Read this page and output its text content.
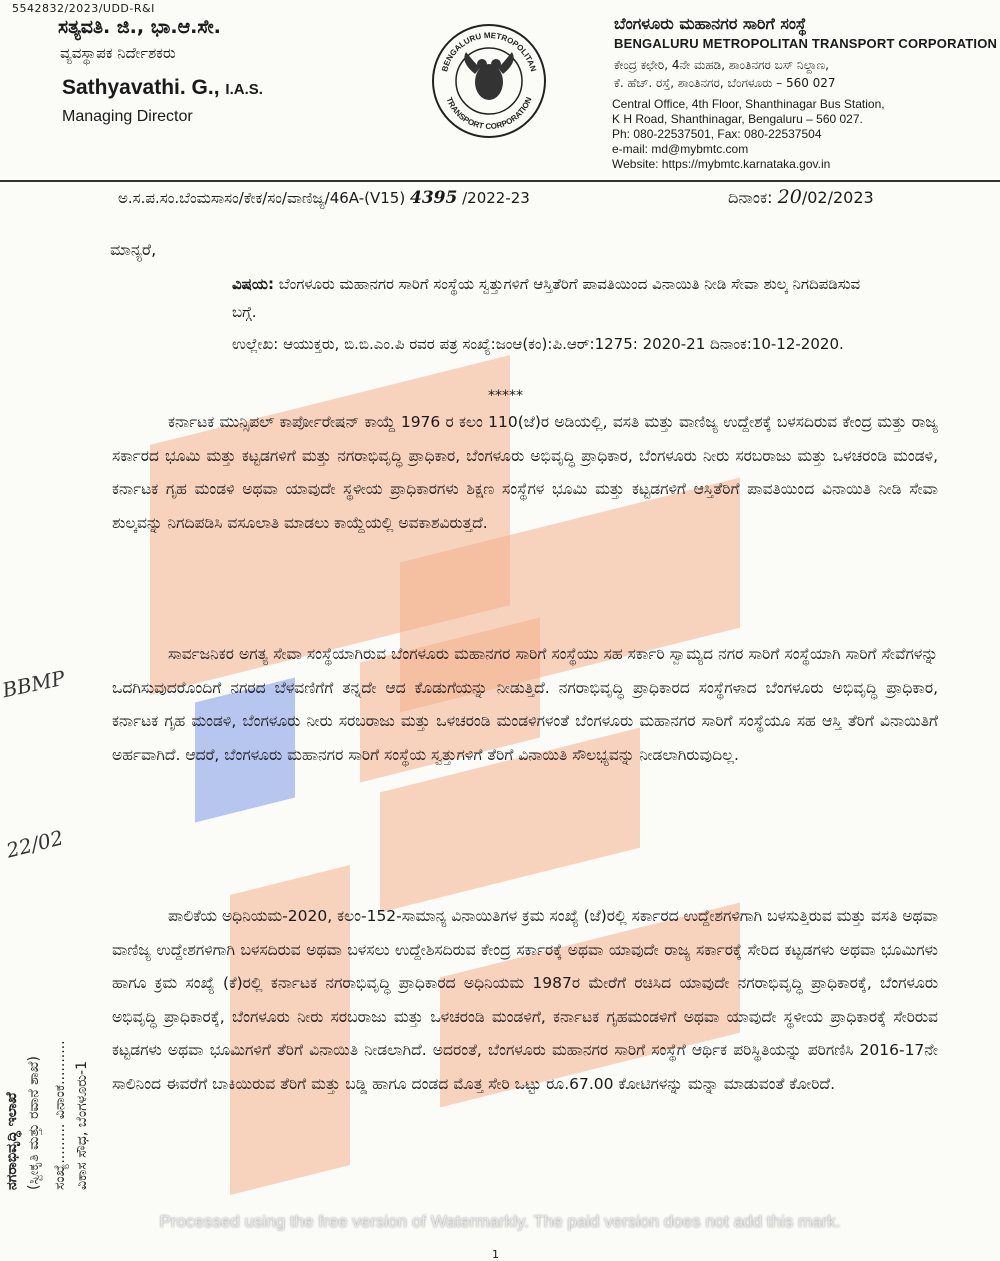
5542832/2023/UDD-R&I
ಸತ್ಯವತಿ. ಜಿ., ಭಾ.ಆ.ಸೇ.
ವ್ಯವಸ್ಥಾಪಕ ನಿರ್ದೇಶಕರು
Sathyavathi. G., I.A.S.
Managing Director
BENGALURU METROPOLITAN
TRANSPORT CORPORATION
ಬೆಂಗಳೂರು ಮಹಾನಗರ ಸಾರಿಗೆ ಸಂಸ್ಥೆ
BENGALURU METROPOLITAN TRANSPORT CORPORATION
ಕೇಂದ್ರ ಕಛೇರಿ, 4ನೇ ಮಹಡಿ, ಶಾಂತಿನಗರ ಬಸ್ ನಿಲ್ದಾಣ,
ಕೆ. ಹೆಚ್. ರಸ್ತೆ, ಶಾಂತಿನಗರ, ಬೆಂಗಳೂರು – 560 027
Central Office, 4th Floor, Shanthinagar Bus Station,
K H Road, Shanthinagar, Bengaluru – 560 027.
Ph: 080-22537501, Fax: 080-22537504
e-mail: md@mybmtc.com
Website: https://mybmtc.karnataka.gov.in
ಅ.ಸ.ಪ.ಸಂ.ಬೆಂಮಸಾಸಂ/ಕೇಕ/ಸಂ/ವಾಣಿಜ್ಯ/46A-(V15) 4395 /2022-23	ದಿನಾಂಕ: 20/02/2023
ಮಾನ್ಯರೆ,
ವಿಷಯ: ಬೆಂಗಳೂರು ಮಹಾನಗರ ಸಾರಿಗೆ ಸಂಸ್ಥೆಯ ಸ್ವತ್ತುಗಳಿಗೆ ಆಸ್ತಿತೆರಿಗೆ ಪಾವತಿಯಿಂದ ವಿನಾಯಿತಿ ನೀಡಿ ಸೇವಾ ಶುಲ್ಕ ನಿಗದಿಪಡಿಸುವ ಬಗ್ಗೆ.
ಉಲ್ಲೇಖ: ಆಯುಕ್ತರು, ಬಿ.ಬಿ.ಎಂ.ಪಿ ರವರ ಪತ್ರ ಸಂಖ್ಯೆ:ಜಂಆ(ಕಂ):ಪಿ.ಆರ್:1275: 2020-21 ದಿನಾಂಕ:10-12-2020.
*****
ಕರ್ನಾಟಕ ಮುನ್ಸಿಪಲ್ ಕಾರ್ಪೋರೇಷನ್ ಕಾಯ್ದೆ 1976 ರ ಕಲಂ 110(ಜೆ)ರ ಅಡಿಯಲ್ಲಿ, ವಸತಿ ಮತ್ತು ವಾಣಿಜ್ಯ ಉದ್ದೇಶಕ್ಕೆ ಬಳಸದಿರುವ ಕೇಂದ್ರ ಮತ್ತು ರಾಜ್ಯ ಸರ್ಕಾರದ ಭೂಮಿ ಮತ್ತು ಕಟ್ಟಡಗಳಿಗೆ ಮತ್ತು ನಗರಾಭಿವೃದ್ಧಿ ಪ್ರಾಧಿಕಾರ, ಬೆಂಗಳೂರು ಅಭಿವೃದ್ಧಿ ಪ್ರಾಧಿಕಾರ, ಬೆಂಗಳೂರು ನೀರು ಸರಬರಾಜು ಮತ್ತು ಒಳಚರಂಡಿ ಮಂಡಳಿ, ಕರ್ನಾಟಕ ಗೃಹ ಮಂಡಳಿ ಅಥವಾ ಯಾವುದೇ ಸ್ಥಳೀಯ ಪ್ರಾಧಿಕಾರಗಳು ಶಿಕ್ಷಣ ಸಂಸ್ಥೆಗಳ ಭೂಮಿ ಮತ್ತು ಕಟ್ಟಡಗಳಿಗೆ ಆಸ್ತಿತೆರಿಗೆ ಪಾವತಿಯಿಂದ ವಿನಾಯಿತಿ ನೀಡಿ ಸೇವಾ ಶುಲ್ಕವನ್ನು ನಿಗದಿಪಡಿಸಿ ವಸೂಲಾತಿ ಮಾಡಲು ಕಾಯ್ದೆಯಲ್ಲಿ ಅವಕಾಶವಿರುತ್ತದೆ.
ಸಾರ್ವಜನಿಕರ ಅಗತ್ಯ ಸೇವಾ ಸಂಸ್ಥೆಯಾಗಿರುವ ಬೆಂಗಳೂರು ಮಹಾನಗರ ಸಾರಿಗೆ ಸಂಸ್ಥೆಯು ಸಹ ಸರ್ಕಾರಿ ಸ್ವಾಮ್ಯದ ನಗರ ಸಾರಿಗೆ ಸಂಸ್ಥೆಯಾಗಿ ಸಾರಿಗೆ ಸೇವೆಗಳನ್ನು ಒದಗಿಸುವುದರೊಂದಿಗೆ ನಗರದ ಬೆಳವಣಿಗೆಗೆ ತನ್ನದೇ ಆದ ಕೊಡುಗೆಯನ್ನು ನೀಡುತ್ತಿದೆ. ನಗರಾಭಿವೃದ್ಧಿ ಪ್ರಾಧಿಕಾರದ ಸಂಸ್ಥೆಗಳಾದ ಬೆಂಗಳೂರು ಅಭಿವೃದ್ಧಿ ಪ್ರಾಧಿಕಾರ, ಕರ್ನಾಟಕ ಗೃಹ ಮಂಡಳಿ, ಬೆಂಗಳೂರು ನೀರು ಸರಬರಾಜು ಮತ್ತು ಒಳಚರಂಡಿ ಮಂಡಳಿಗಳಂತೆ ಬೆಂಗಳೂರು ಮಹಾನಗರ ಸಾರಿಗೆ ಸಂಸ್ಥೆಯೂ ಸಹ ಆಸ್ತಿ ತೆರಿಗೆ ವಿನಾಯಿತಿಗೆ ಅರ್ಹವಾಗಿದೆ. ಆದರೆ, ಬೆಂಗಳೂರು ಮಹಾನಗರ ಸಾರಿಗೆ ಸಂಸ್ಥೆಯ ಸ್ವತ್ತುಗಳಿಗೆ ತೆರಿಗೆ ವಿನಾಯಿತಿ ಸೌಲಭ್ಯವನ್ನು ನೀಡಲಾಗಿರುವುದಿಲ್ಲ.
ಪಾಲಿಕೆಯ ಅಧಿನಿಯಮ-2020, ಕಲಂ-152-ಸಾಮಾನ್ಯ ವಿನಾಯಿತಿಗಳ ಕ್ರಮ ಸಂಖ್ಯೆ (ಜೆ)ರಲ್ಲಿ ಸರ್ಕಾರದ ಉದ್ದೇಶಗಳಿಗಾಗಿ ಬಳಸುತ್ತಿರುವ ಮತ್ತು ವಸತಿ ಅಥವಾ ವಾಣಿಜ್ಯ ಉದ್ದೇಶಗಳಿಗಾಗಿ ಬಳಸದಿರುವ ಅಥವಾ ಬಳಸಲು ಉದ್ದೇಶಿಸದಿರುವ ಕೇಂದ್ರ ಸರ್ಕಾರಕ್ಕೆ ಅಥವಾ ಯಾವುದೇ ರಾಜ್ಯ ಸರ್ಕಾರಕ್ಕೆ ಸೇರಿದ ಕಟ್ಟಡಗಳು ಅಥವಾ ಭೂಮಿಗಳು ಹಾಗೂ ಕ್ರಮ ಸಂಖ್ಯೆ (ಕೆ)ರಲ್ಲಿ ಕರ್ನಾಟಕ ನಗರಾಭಿವೃದ್ಧಿ ಪ್ರಾಧಿಕಾರದ ಅಧಿನಿಯಮ 1987ರ ಮೇರೆಗೆ ರಚಿಸಿದ ಯಾವುದೇ ನಗರಾಭಿವೃದ್ಧಿ ಪ್ರಾಧಿಕಾರಕ್ಕೆ, ಬೆಂಗಳೂರು ಅಭಿವೃದ್ಧಿ ಪ್ರಾಧಿಕಾರಕ್ಕೆ, ಬೆಂಗಳೂರು ನೀರು ಸರಬರಾಜು ಮತ್ತು ಒಳಚರಂಡಿ ಮಂಡಳಿಗೆ, ಕರ್ನಾಟಕ ಗೃಹಮಂಡಳಿಗೆ ಅಥವಾ ಯಾವುದೇ ಸ್ಥಳೀಯ ಪ್ರಾಧಿಕಾರಕ್ಕೆ ಸೇರಿರುವ ಕಟ್ಟಡಗಳು ಅಥವಾ ಭೂಮಿಗಳಿಗೆ ತೆರಿಗೆ ವಿನಾಯಿತಿ ನೀಡಲಾಗಿದೆ. ಅದರಂತೆ, ಬೆಂಗಳೂರು ಮಹಾನಗರ ಸಾರಿಗೆ ಸಂಸ್ಥೆಗೆ ಆರ್ಥಿಕ ಪರಿಸ್ಥಿತಿಯನ್ನು ಪರಿಗಣಿಸಿ 2016-17ನೇ ಸಾಲಿನಿಂದ ಈವರೆಗೆ ಬಾಕಿಯಿರುವ ತೆರಿಗೆ ಮತ್ತು ಬಡ್ಡಿ ಹಾಗೂ ದಂಡದ ಮೊತ್ತ ಸೇರಿ ಒಟ್ಟು ರೂ.67.00 ಕೋಟಿಗಳನ್ನು ಮನ್ನಾ ಮಾಡುವಂತೆ ಕೋರಿದೆ.
BBMP
22/02
ನಗರಾಭಿವೃದ್ಧಿ ಇಲಾಖೆ (ಸ್ವೀಕೃತಿ ಮತ್ತು ರವಾನೆ ಶಾಖೆ) ಸಂಖ್ಯೆ......... ವಿನಾಂಕ.......... ವಿಕಾಸ ಸೌಧ, ಬೆಂಗಳೂರು-1
Processed using the free version of Watermarkly. The paid version does not add this mark.
1
